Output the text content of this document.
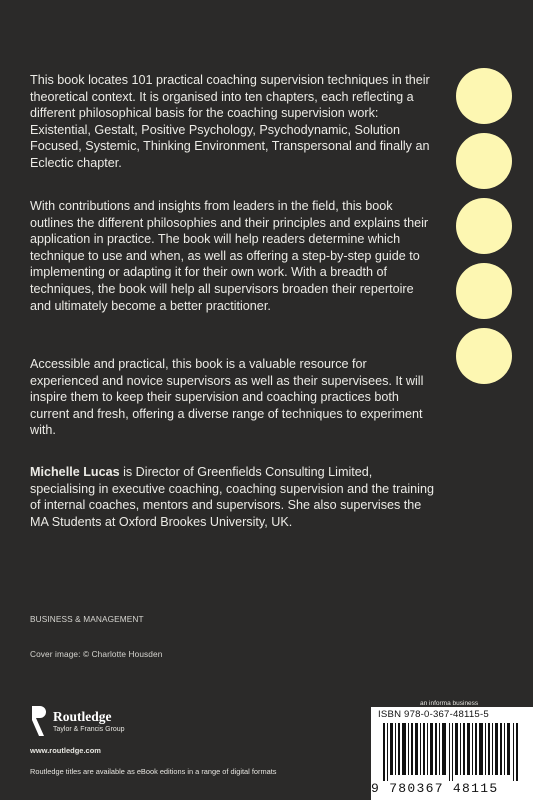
This book locates 101 practical coaching supervision techniques in their theoretical context. It is organised into ten chapters, each reflecting a different philosophical basis for the coaching supervision work: Existential, Gestalt, Positive Psychology, Psychodynamic, Solution Focused, Systemic, Thinking Environment, Transpersonal and finally an Eclectic chapter.

With contributions and insights from leaders in the field, this book outlines the different philosophies and their principles and explains their application in practice. The book will help readers determine which technique to use and when, as well as offering a step-by-step guide to implementing or adapting it for their own work. With a breadth of techniques, the book will help all supervisors broaden their repertoire and ultimately become a better practitioner.

Accessible and practical, this book is a valuable resource for experienced and novice supervisors as well as their supervisees. It will inspire them to keep their supervision and coaching practices both current and fresh, offering a diverse range of techniques to experiment with.

Michelle Lucas is Director of Greenfields Consulting Limited, specialising in executive coaching, coaching supervision and the training of internal coaches, mentors and supervisors. She also supervises the MA Students at Oxford Brookes University, UK.

BUSINESS & MANAGEMENT
Cover image: © Charlotte Housden
Routledge
Taylor & Francis Group
www.routledge.com
Routledge titles are available as eBook editions in a range of digital formats
an informa business
ISBN 978-0-367-48115-5
9 780367 48115
